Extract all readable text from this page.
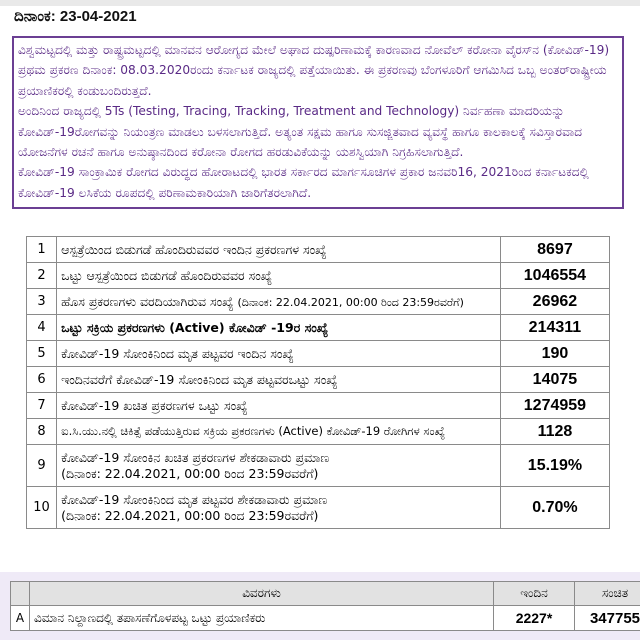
ದಿನಾಂಕ: 23-04-2021

ವಿಶ್ವಮಟ್ಟದಲ್ಲಿ ಮತ್ತು ರಾಷ್ಟ್ರಮಟ್ಟದಲ್ಲಿ ಮಾನವನ ಆರೋಗ್ಯದ ಮೇಲೆ ಅಘಾದ ದುಷ್ಪರಿಣಾಮಕ್ಕೆ ಕಾರಣವಾದ ನೋವೆಲ್ ಕರೋನಾ ವೈರಸ್‌ನ (ಕೋವಿಡ್-19) ಪ್ರಥಮ ಪ್ರಕರಣ ದಿನಾಂಕ: 08.03.2020ರಂದು ಕರ್ನಾಟಕ ರಾಜ್ಯದಲ್ಲಿ ಪತ್ತೆಯಾಯಿತು. ಈ ಪ್ರಕರಣವು ಬೆಂಗಳೂರಿಗೆ ಆಗಮಿಸಿದ ಒಬ್ಬ ಅಂತರ್‌ರಾಷ್ಟ್ರೀಯ ಪ್ರಯಾಣಿಕರಲ್ಲಿ ಕಂಡುಬಂದಿರುತ್ತದೆ.

ಅಂದಿನಿಂದ ರಾಜ್ಯದಲ್ಲಿ 5Ts (Testing, Tracing, Tracking, Treatment and Technology) ನಿರ್ವಹಣಾ ಮಾದರಿಯನ್ನು ಕೋವಿಡ್-19ರೋಗವನ್ನು ನಿಯಂತ್ರಣ ಮಾಡಲು ಬಳಸಲಾಗುತ್ತಿದೆ. ಅತ್ಯಂತ ಸಕ್ಷಮ ಹಾಗೂ ಸುಸಜ್ಜಿತವಾದ ವ್ಯವಸ್ಥೆ ಹಾಗೂ ಕಾಲಕಾಲಕ್ಕೆ ಸವಿಸ್ತಾರವಾದ ಯೋಜನೆಗಳ ರಚನೆ ಹಾಗೂ ಅನುಷ್ಠಾನದಿಂದ ಕರೋನಾ ರೋಗದ ಹರಡುವಿಕೆಯನ್ನು ಯಶಸ್ವಿಯಾಗಿ ನಿಗ್ರಹಿಸಲಾಗುತ್ತಿದೆ.

ಕೋವಿಡ್-19 ಸಾಂಕ್ರಾಮಿಕ ರೋಗದ ವಿರುದ್ಧದ ಹೋರಾಟದಲ್ಲಿ ಭಾರತ ಸರ್ಕಾರದ ಮಾರ್ಗಸೂಚಿಗಳ ಪ್ರಕಾರ ಜನವರಿ16, 2021ರಿಂದ ಕರ್ನಾಟಕದಲ್ಲಿ ಕೋವಿಡ್-19 ಲಸಿಕೆಯ ರೂಪದಲ್ಲಿ ಪರಿಣಾಮಕಾರಿಯಾಗಿ ಜಾರಿಗೆತರಲಾಗಿದೆ.

1	ಆಸ್ಪತ್ರೆಯಿಂದ ಬಿಡುಗಡೆ ಹೊಂದಿರುವವರ ಇಂದಿನ ಪ್ರಕರಣಗಳ ಸಂಖ್ಯೆ	8697
2	ಒಟ್ಟು ಆಸ್ಪತ್ರೆಯಿಂದ ಬಿಡುಗಡೆ ಹೊಂದಿರುವವರ ಸಂಖ್ಯೆ	1046554
3	ಹೊಸ ಪ್ರಕರಣಗಳು ವರದಿಯಾಗಿರುವ ಸಂಖ್ಯೆ (ದಿನಾಂಕ: 22.04.2021, 00:00 ರಿಂದ 23:59ರವರೆಗೆ)	26962
4	ಒಟ್ಟು ಸಕ್ರಿಯ ಪ್ರಕರಣಗಳು (Active) ಕೋವಿಡ್ -19ರ ಸಂಖ್ಯೆ	214311
5	ಕೋವಿಡ್-19 ಸೋಂಕಿನಿಂದ ಮೃತ ಪಟ್ಟವರ ಇಂದಿನ ಸಂಖ್ಯೆ	190
6	ಇಂದಿನವರೆಗೆ ಕೋವಿಡ್-19 ಸೋಂಕಿನಿಂದ ಮೃತ ಪಟ್ಟವರಒಟ್ಟು ಸಂಖ್ಯೆ	14075
7	ಕೋವಿಡ್-19 ಖಚಿತ ಪ್ರಕರಣಗಳ ಒಟ್ಟು ಸಂಖ್ಯೆ	1274959
8	ಐ.ಸಿ.ಯು.ನಲ್ಲಿ ಚಿಕಿತ್ಸೆ ಪಡೆಯುತ್ತಿರುವ ಸಕ್ರಿಯ ಪ್ರಕರಣಗಳು (Active) ಕೋವಿಡ್-19 ರೋಗಿಗಳ ಸಂಖ್ಯೆ	1128
9	ಕೋವಿಡ್-19 ಸೋಂಕಿನ ಖಚಿತ ಪ್ರಕರಣಗಳ ಶೇಕಡಾವಾರು ಪ್ರಮಾಣ
(ದಿನಾಂಕ: 22.04.2021, 00:00 ರಿಂದ 23:59ರವರೆಗೆ)	15.19%
10	ಕೋವಿಡ್-19 ಸೋಂಕಿನಿಂದ ಮೃತ ಪಟ್ಟವರ ಶೇಕಡಾವಾರು ಪ್ರಮಾಣ
(ದಿನಾಂಕ: 22.04.2021, 00:00 ರಿಂದ 23:59ರವರೆಗೆ)	0.70%
	ವಿವರಗಳು	ಇಂದಿನ	ಸಂಚಿತ
A	ವಿಮಾನ ನಿಲ್ದಾಣದಲ್ಲಿ ತಪಾಸಣೆಗೊಳಪಟ್ಟ ಒಟ್ಟು ಪ್ರಯಾಣಿಕರು	2227*	347755
